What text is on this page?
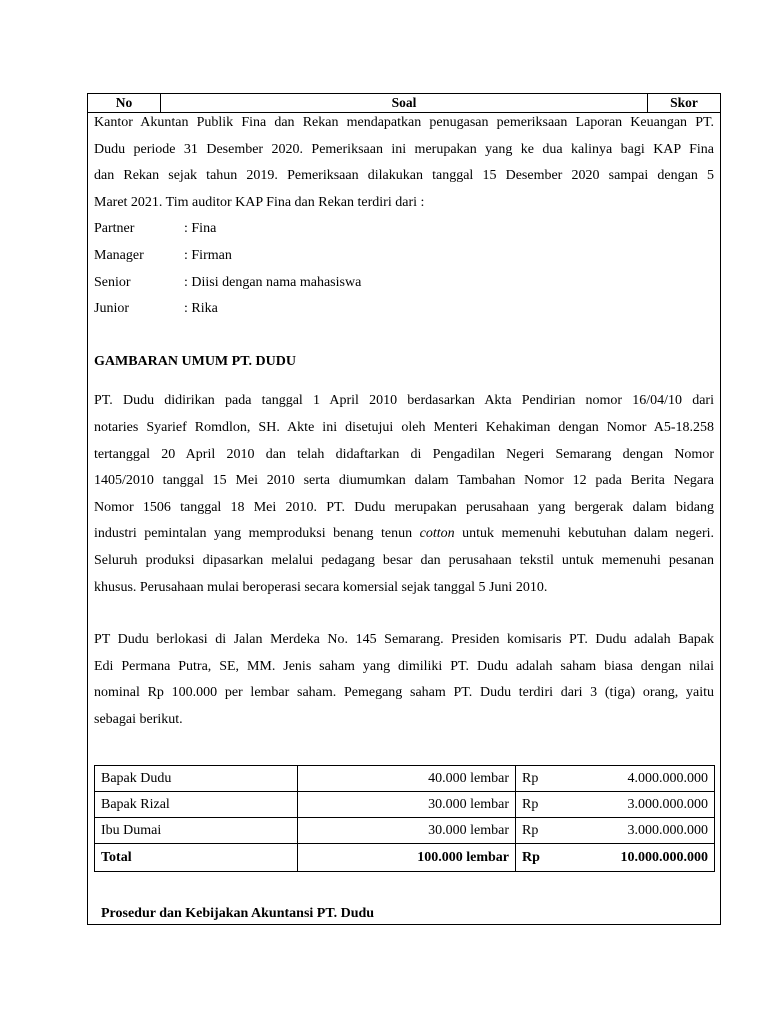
No	Soal	Skor

Kantor Akuntan Publik Fina dan Rekan mendapatkan penugasan pemeriksaan Laporan Keuangan PT.
Dudu periode 31 Desember 2020. Pemeriksaan ini merupakan yang ke dua kalinya bagi KAP Fina
dan Rekan sejak tahun 2019. Pemeriksaan dilakukan tanggal 15 Desember 2020 sampai dengan 5
Maret 2021. Tim auditor KAP Fina dan Rekan terdiri dari :

Partner	: Fina
Manager	: Firman
Senior	: Diisi dengan nama mahasiswa
Junior	: Rika

GAMBARAN UMUM PT. DUDU

PT. Dudu didirikan pada tanggal 1 April 2010 berdasarkan Akta Pendirian nomor 16/04/10 dari
notaries Syarief Romdlon, SH. Akte ini disetujui oleh Menteri Kehakiman dengan Nomor A5-18.258
tertanggal 20 April 2010 dan telah didaftarkan di Pengadilan Negeri Semarang dengan Nomor
1405/2010 tanggal 15 Mei 2010 serta diumumkan dalam Tambahan Nomor 12 pada Berita Negara
Nomor 1506 tanggal 18 Mei 2010. PT. Dudu merupakan perusahaan yang bergerak dalam bidang
industri pemintalan yang memproduksi benang tenun cotton untuk memenuhi kebutuhan dalam negeri.
Seluruh produksi dipasarkan melalui pedagang besar dan perusahaan tekstil untuk memenuhi pesanan
khusus. Perusahaan mulai beroperasi secara komersial sejak tanggal 5 Juni 2010.

PT Dudu berlokasi di Jalan Merdeka No. 145 Semarang. Presiden komisaris PT. Dudu adalah Bapak
Edi Permana Putra, SE, MM. Jenis saham yang dimiliki PT. Dudu adalah saham biasa dengan nilai
nominal Rp 100.000 per lembar saham. Pemegang saham PT. Dudu terdiri dari 3 (tiga) orang, yaitu
sebagai berikut.

Bapak Dudu	40.000 lembar	Rp	4.000.000.000
Bapak Rizal	30.000 lembar	Rp	3.000.000.000
Ibu Dumai	30.000 lembar	Rp	3.000.000.000
Total	100.000 lembar	Rp	10.000.000.000
Prosedur dan Kebijakan Akuntansi PT. Dudu
